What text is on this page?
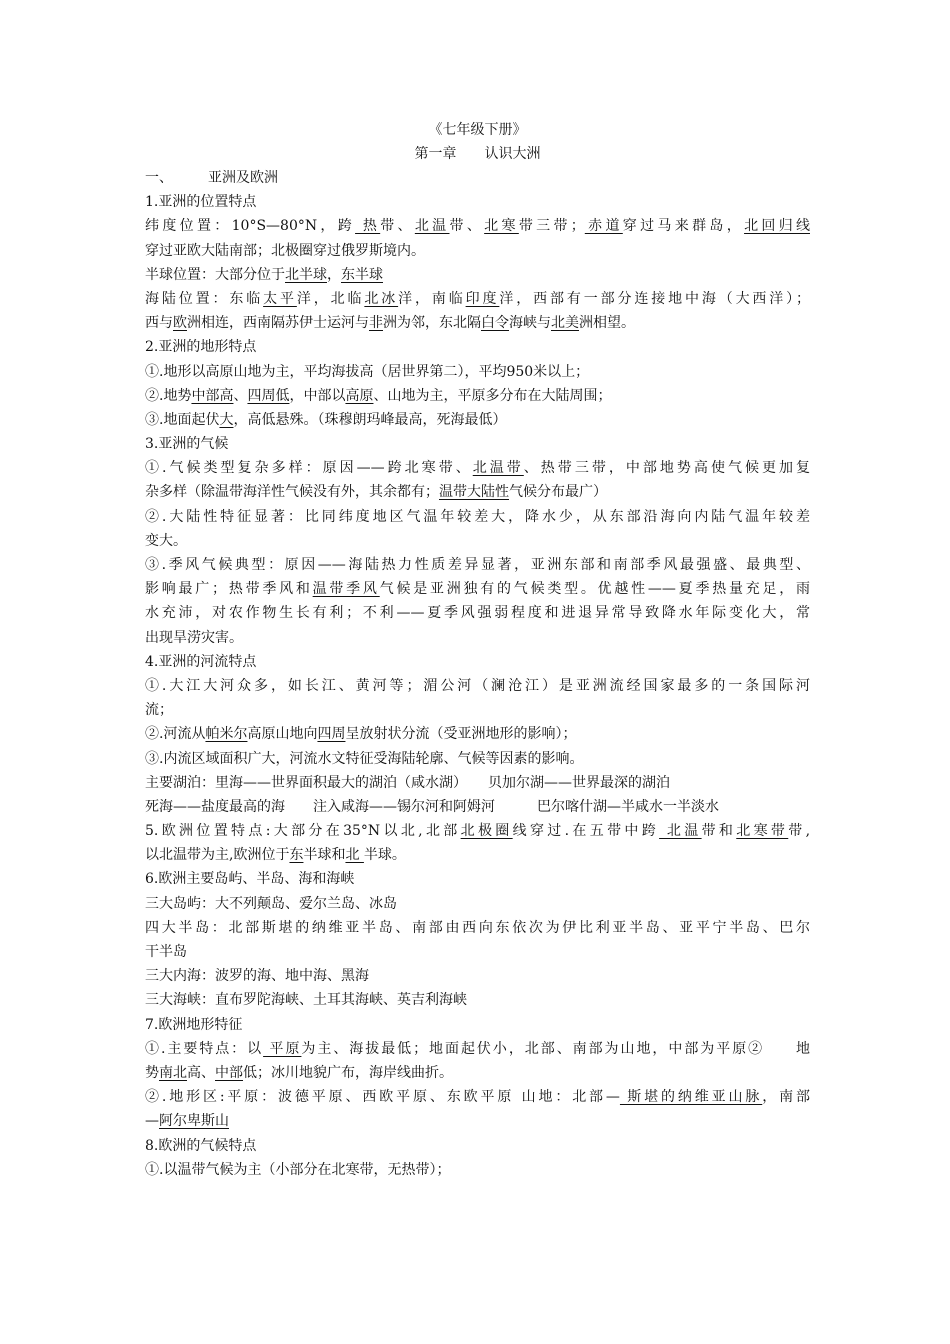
《七年级下册》
第一章　　认识大洲
一、　　　亚洲及欧洲
1.亚洲的位置特点
纬度位置：10°S—80°N，跨 热带、北温带、北寒带三带；赤道穿过马来群岛，北回归线
穿过亚欧大陆南部；北极圈穿过俄罗斯境内。
半球位置：大部分位于北半球，东半球
海陆位置：东临太平洋，北临北冰洋，南临印度洋，西部有一部分连接地中海（大西洋）；
西与欧洲相连，西南隔苏伊士运河与非洲为邻，东北隔白令海峡与北美洲相望。
2.亚洲的地形特点
①.地形以高原山地为主，平均海拔高（居世界第二），平均950米以上；
②.地势中部高、四周低，中部以高原、山地为主，平原多分布在大陆周围；
③.地面起伏大，高低悬殊。（珠穆朗玛峰最高，死海最低）
3.亚洲的气候
①.气候类型复杂多样：原因——跨北寒带、北温带、热带三带，中部地势高使气候更加复
杂多样（除温带海洋性气候没有外，其余都有；温带大陆性气候分布最广）
②.大陆性特征显著：比同纬度地区气温年较差大，降水少，从东部沿海向内陆气温年较差
变大。
③.季风气候典型：原因——海陆热力性质差异显著，亚洲东部和南部季风最强盛、最典型、
影响最广；热带季风和温带季风气候是亚洲独有的气候类型。优越性——夏季热量充足，雨
水充沛，对农作物生长有利；不利——夏季风强弱程度和进退异常导致降水年际变化大，常
出现旱涝灾害。
4.亚洲的河流特点
①.大江大河众多，如长江、黄河等；湄公河（澜沧江）是亚洲流经国家最多的一条国际河
流；
②.河流从帕米尔高原山地向四周呈放射状分流（受亚洲地形的影响）；
③.内流区域面积广大，河流水文特征受海陆轮廓、气候等因素的影响。
主要湖泊：里海——世界面积最大的湖泊（咸水湖）　　贝加尔湖——世界最深的湖泊
死海——盐度最高的海　　注入咸海——锡尔河和阿姆河　　　巴尔喀什湖—半咸水一半淡水
5.欧洲位置特点:大部分在35°N以北,北部北极圈线穿过.在五带中跨 北温带和北寒带带,
以北温带为主,欧洲位于东半球和北 半球。
6.欧洲主要岛屿、半岛、海和海峡
三大岛屿：大不列颠岛、爱尔兰岛、冰岛
四大半岛：北部斯堪的纳维亚半岛、南部由西向东依次为伊比利亚半岛、亚平宁半岛、巴尔
干半岛
三大内海：波罗的海、地中海、黑海
三大海峡：直布罗陀海峡、土耳其海峡、英吉利海峡
7.欧洲地形特征
①.主要特点：以 平原为主、海拔最低；地面起伏小，北部、南部为山地，中部为平原②　　地
势南北高、中部低；冰川地貌广布，海岸线曲折。
②.地形区:平原：波德平原、西欧平原、东欧平原 山地：北部— 斯堪的纳维亚山脉，南部
—阿尔卑斯山
8.欧洲的气候特点
①.以温带气候为主（小部分在北寒带，无热带）；
